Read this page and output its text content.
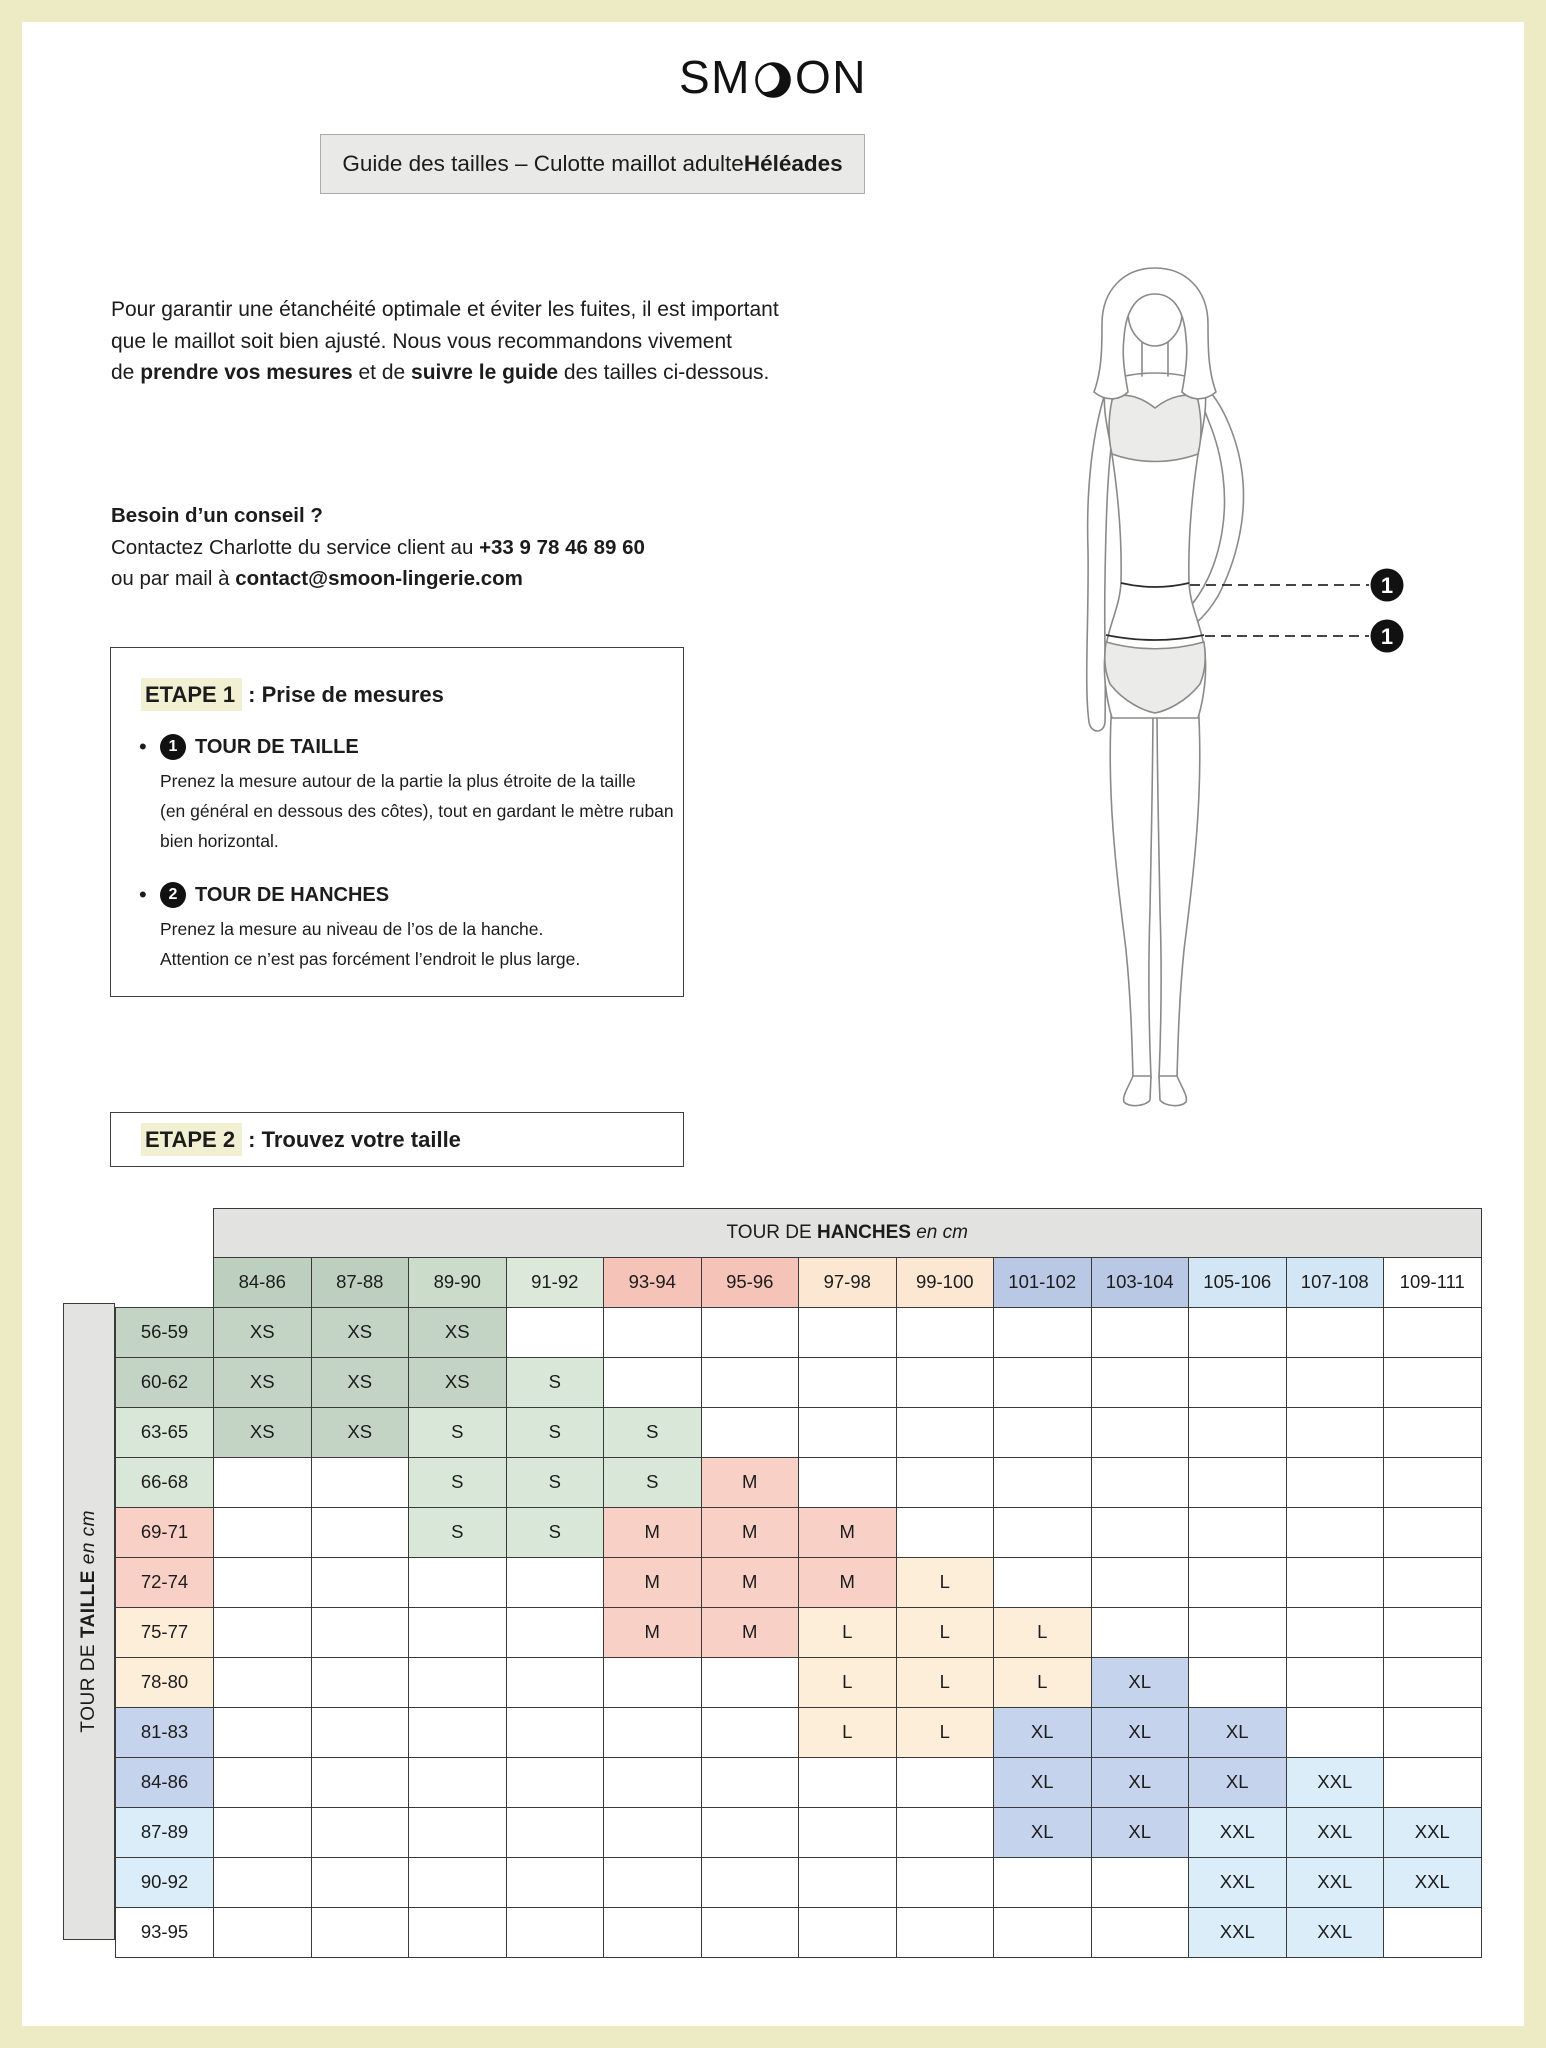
SM ON
Guide des tailles – Culotte maillot adulte Héléades
Pour garantir une étanchéité optimale et éviter les fuites, il est important
que le maillot soit bien ajusté. Nous vous recommandons vivement
de prendre vos mesures et de suivre le guide des tailles ci-dessous.
Besoin d’un conseil ?
Contactez Charlotte du service client au +33 9 78 46 89 60
ou par mail à contact@smoon-lingerie.com
ETAPE 1 : Prise de mesures
•	1 TOUR DE TAILLE
Prenez la mesure autour de la partie la plus étroite de la taille
(en général en dessous des côtes), tout en gardant le mètre ruban
bien horizontal.
•	2 TOUR DE HANCHES
Prenez la mesure au niveau de l’os de la hanche.
Attention ce n’est pas forcément l’endroit le plus large.
ETAPE 2 : Trouvez votre taille
1
1
TOUR DE TAILLE en cm
	TOUR DE HANCHES en cm												
	84-86	87-88	89-90	91-92	93-94	95-96	97-98	99-100	101-102	103-104	105-106	107-108	109-111
56-59	XS	XS	XS										
60-62	XS	XS	XS	S									
63-65	XS	XS	S	S	S								
66-68			S	S	S	M							
69-71			S	S	M	M	M						
72-74					M	M	M	L					
75-77					M	M	L	L	L				
78-80							L	L	L	XL			
81-83							L	L	XL	XL	XL		
84-86									XL	XL	XL	XXL	
87-89									XL	XL	XXL	XXL	XXL
90-92											XXL	XXL	XXL
93-95											XXL	XXL	
